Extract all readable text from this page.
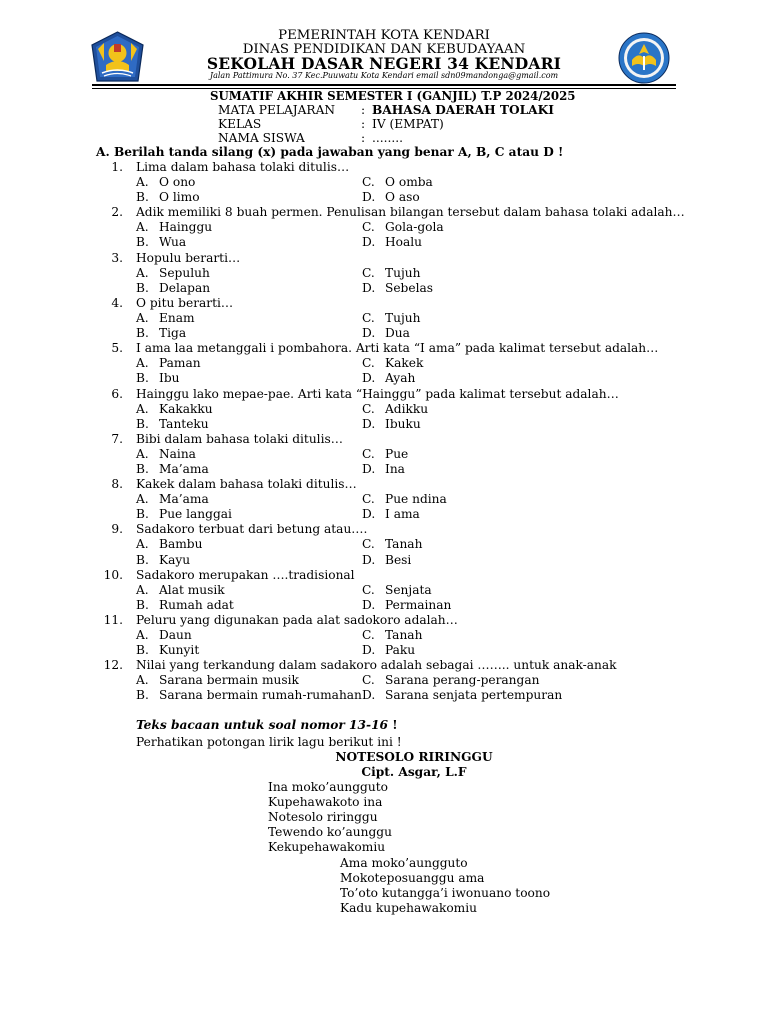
PEMERINTAH KOTA KENDARI
DINAS PENDIDIKAN DAN KEBUDAYAAN
SEKOLAH DASAR NEGERI 34 KENDARI
Jalan Pattimura No. 37 Kec.Puuwatu Kota Kendari email sdn09mandonga@gmail.com
SUMATIF AKHIR SEMESTER I (GANJIL) T.P 2024/2025
MATA PELAJARAN : BAHASA DAERAH TOLAKI
KELAS	: IV (EMPAT)
NAMA SISWA	: ........
A. Berilah tanda silang (x) pada jawaban yang benar A, B, C atau D !
1. Lima dalam bahasa tolaki ditulis…
A. O ono
B. O limo
C. O omba
D. O aso
2. Adik memiliki 8 buah permen. Penulisan bilangan tersebut dalam bahasa tolaki adalah…
A. Hainggu
B. Wua
C. Gola-gola
D. Hoalu
3. Hopulu berarti…
A. Sepuluh
B. Delapan
C. Tujuh
D. Sebelas
4. O pitu berarti…
A. Enam
B. Tiga
C. Tujuh
D. Dua
5. I ama laa metanggali i pombahora. Arti kata “I ama” pada kalimat tersebut adalah…
A. Paman
B. Ibu
C. Kakek
D. Ayah
6. Hainggu lako mepae-pae. Arti kata “Hainggu” pada kalimat tersebut adalah…
A. Kakakku
B. Tanteku
C. Adikku
D. Ibuku
7. Bibi dalam bahasa tolaki ditulis…
A. Naina
B. Ma’ama
C. Pue
D. Ina
8. Kakek dalam bahasa tolaki ditulis…
A. Ma’ama
B. Pue langgai
C. Pue ndina
D. I ama
9. Sadakoro terbuat dari betung atau….
A. Bambu
B. Kayu
C. Tanah
D. Besi
10. Sadakoro merupakan ….tradisional
A. Alat musik
B. Rumah adat
C. Senjata
D. Permainan
11. Peluru yang digunakan pada alat sadokoro adalah…
A. Daun
B. Kunyit
C. Tanah
D. Paku
12. Nilai yang terkandung dalam sadakoro adalah sebagai …….. untuk anak-anak
A. Sarana bermain musik
B. Sarana bermain rumah-rumahan
C. Sarana perang-perangan
D. Sarana senjata pertempuran
Teks bacaan untuk soal nomor 13-16 !
Perhatikan potongan lirik lagu berikut ini !
NOTESOLO RIRINGGU
Cipt. Asgar, L.F
Ina moko’aungguto
Kupehawakoto ina
Notesolo riringgu
Tewendo ko’aunggu
Kekupehawakomiu
Ama moko’aungguto
Mokoteposuanggu ama
To’oto kutangga’i iwonuano toono
Kadu kupehawakomiu
